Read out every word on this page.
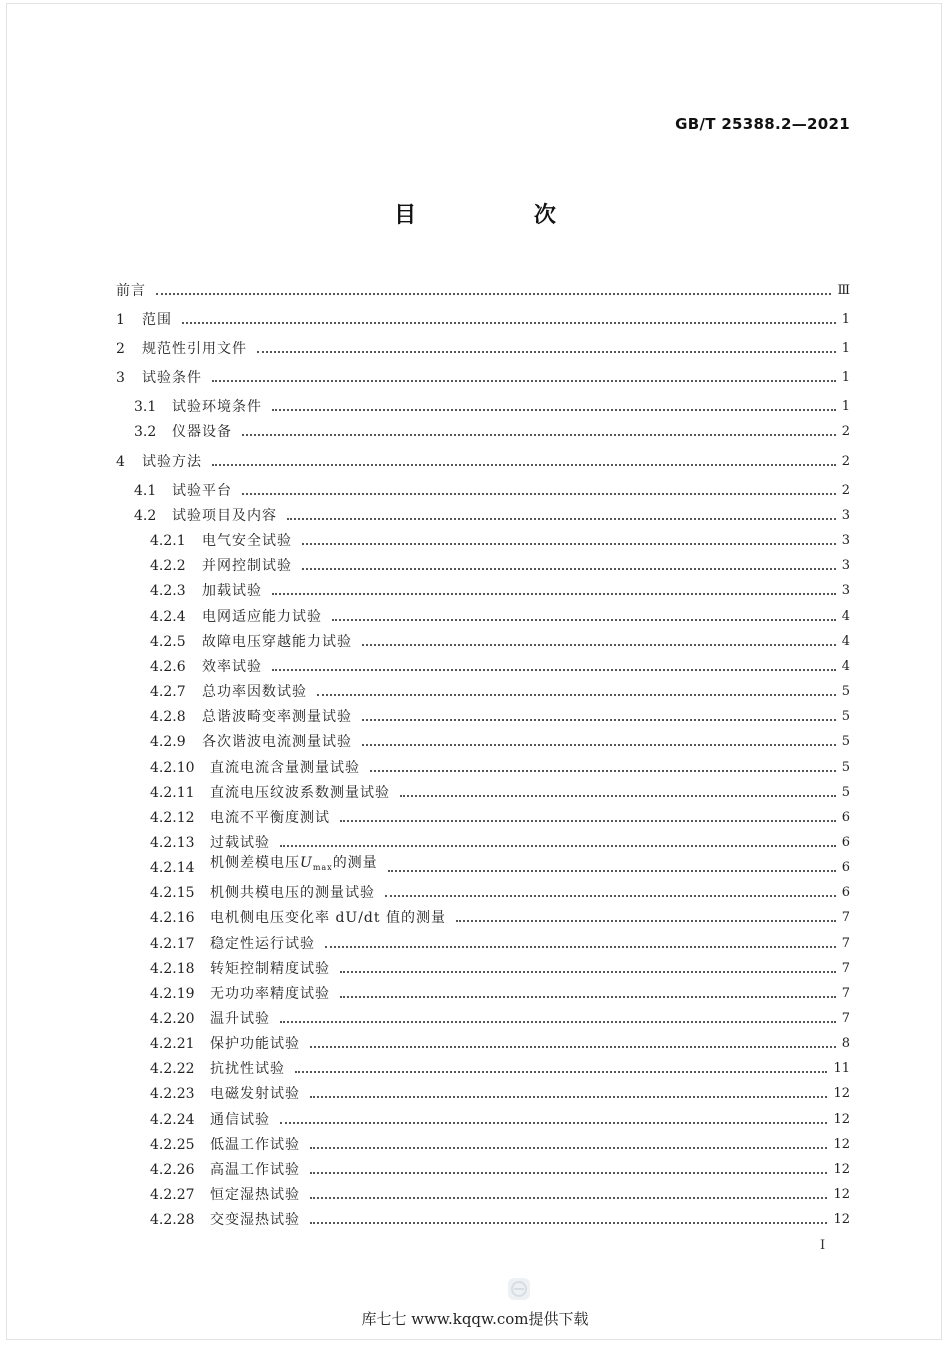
GB/T 25388.2—2021
目 次
前言	Ⅲ
1	范围	1
2	规范性引用文件	1
3	试验条件	1
3.1	试验环境条件	1
3.2	仪器设备	2
4	试验方法	2
4.1	试验平台	2
4.2	试验项目及内容	3
4.2.1	电气安全试验	3
4.2.2	并网控制试验	3
4.2.3	加载试验	3
4.2.4	电网适应能力试验	4
4.2.5	故障电压穿越能力试验	4
4.2.6	效率试验	4
4.2.7	总功率因数试验	5
4.2.8	总谐波畸变率测量试验	5
4.2.9	各次谐波电流测量试验	5
4.2.10	直流电流含量测量试验	5
4.2.11	直流电压纹波系数测量试验	5
4.2.12	电流不平衡度测试	6
4.2.13	过载试验	6
4.2.14	机侧差模电压$U_{max}$的测量	6
4.2.15	机侧共模电压的测量试验	6
4.2.16	电机侧电压变化率 dU/dt 值的测量	7
4.2.17	稳定性运行试验	7
4.2.18	转矩控制精度试验	7
4.2.19	无功功率精度试验	7
4.2.20	温升试验	7
4.2.21	保护功能试验	8
4.2.22	抗扰性试验	11
4.2.23	电磁发射试验	12
4.2.24	通信试验	12
4.2.25	低温工作试验	12
4.2.26	高温工作试验	12
4.2.27	恒定湿热试验	12
4.2.28	交变湿热试验	12
I
库七七 www.kqqw.com提供下载
